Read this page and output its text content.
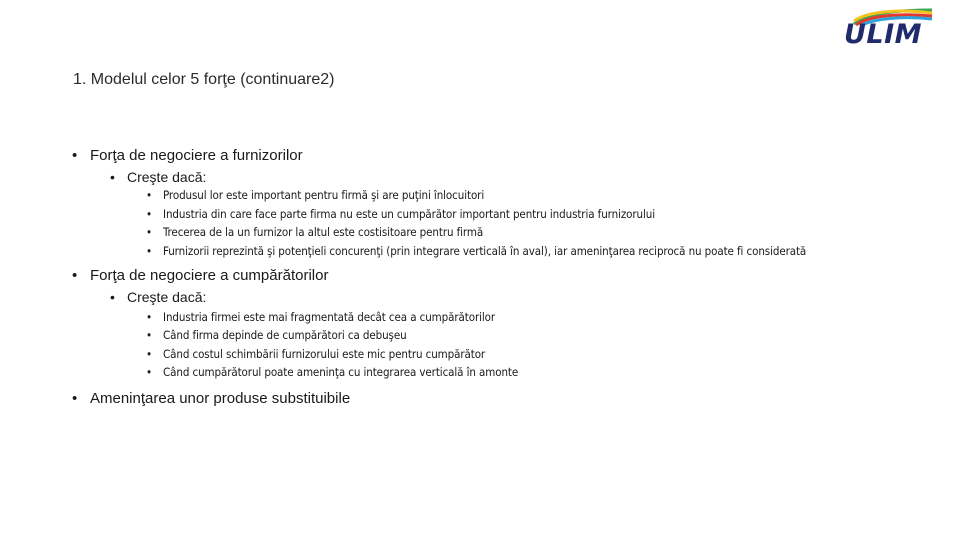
ULIM
1. Modelul celor 5 forţe (continuare2)
• Forţa de negociere a furnizorilor
• Creşte dacă:
• Produsul lor este important pentru firmă şi are puţini înlocuitori
• Industria din care face parte firma nu este un cumpărător important pentru industria furnizorului
• Trecerea de la un furnizor la altul este costisitoare pentru firmă
• Furnizorii reprezintă şi potenţieli concurenţi (prin integrare verticală în aval), iar ameninţarea reciprocă nu poate fi considerată
• Forţa de negociere a cumpărătorilor
• Creşte dacă:
• Industria firmei este mai fragmentată decât cea a cumpărătorilor
• Când firma depinde de cumpărători ca debuşeu
• Când costul schimbării furnizorului este mic pentru cumpărător
• Când cumpărătorul poate ameninţa cu integrarea verticală în amonte
• Ameninţarea unor produse substituibile
